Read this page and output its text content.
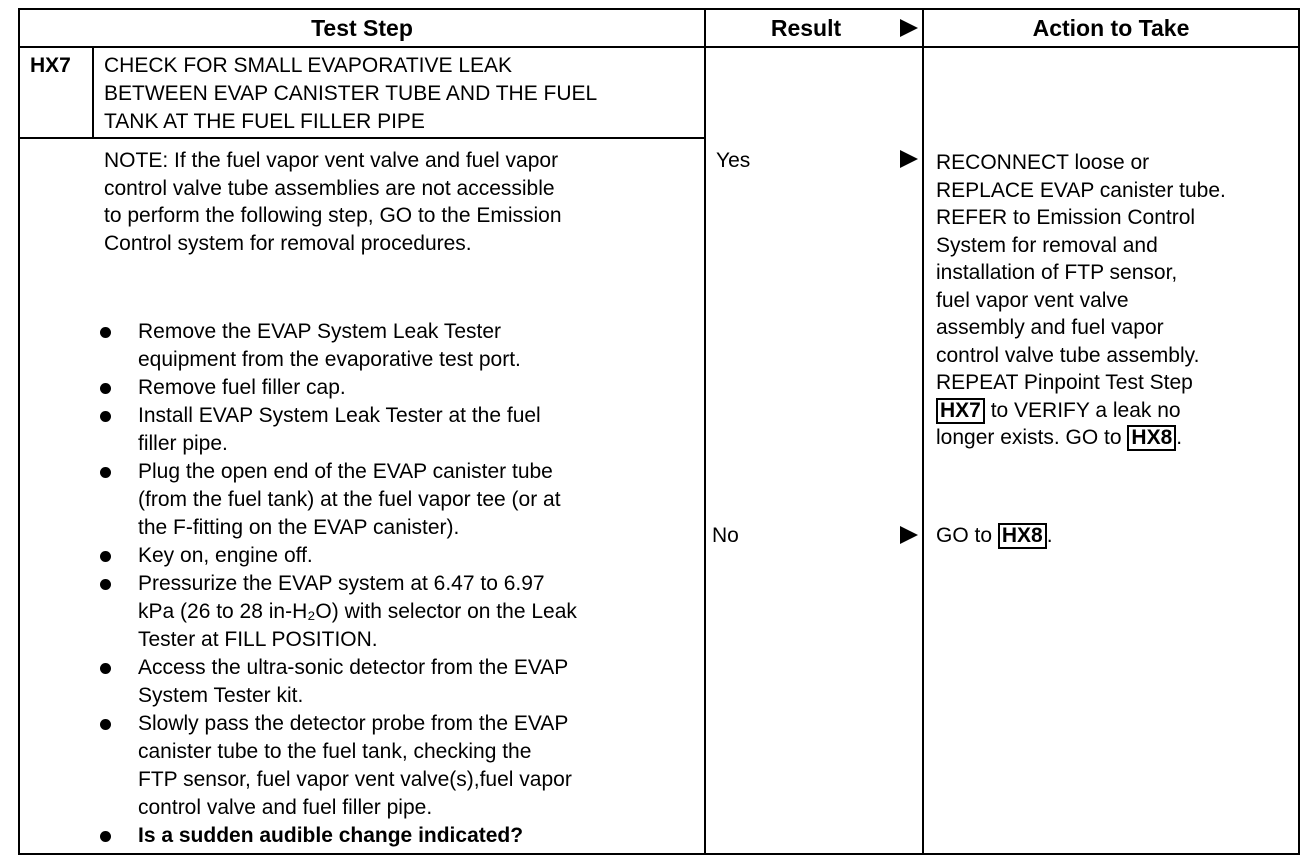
Test Step	Result	Action to Take
HX7 CHECK FOR SMALL EVAPORATIVE LEAK
BETWEEN EVAP CANISTER TUBE AND THE FUEL
TANK AT THE FUEL FILLER PIPE
NOTE: If the fuel vapor vent valve and fuel vapor
control valve tube assemblies are not accessible
to perform the following step, GO to the Emission
Control system for removal procedures.
Remove the EVAP System Leak Tester
equipment from the evaporative test port.
Remove fuel filler cap.
Install EVAP System Leak Tester at the fuel
filler pipe.
Plug the open end of the EVAP canister tube
(from the fuel tank) at the fuel vapor tee (or at
the F-fitting on the EVAP canister).
Key on, engine off.
Pressurize the EVAP system at 6.47 to 6.97
kPa (26 to 28 in-H₂O) with selector on the Leak
Tester at FILL POSITION.
Access the ultra-sonic detector from the EVAP
System Tester kit.
Slowly pass the detector probe from the EVAP
canister tube to the fuel tank, checking the
FTP sensor, fuel vapor vent valve(s),fuel vapor
control valve and fuel filler pipe.
Is a sudden audible change indicated?
Yes
No
RECONNECT loose or
REPLACE EVAP canister tube.
REFER to Emission Control
System for removal and
installation of FTP sensor,
fuel vapor vent valve
assembly and fuel vapor
control valve tube assembly.
REPEAT Pinpoint Test Step
HX7 to VERIFY a leak no
longer exists. GO to HX8 .
GO to HX8 .
